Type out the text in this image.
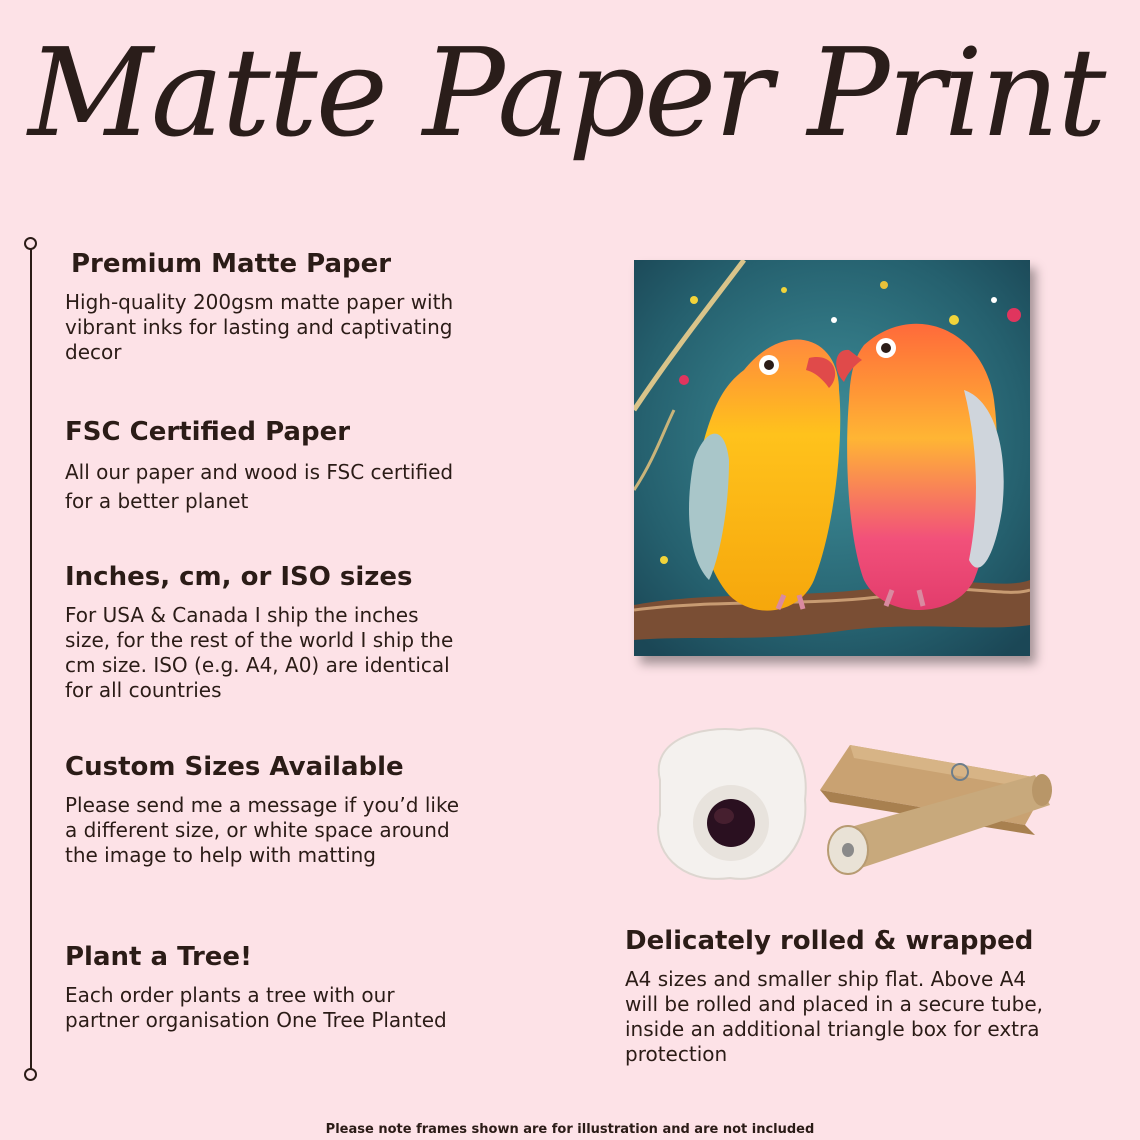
Matte Paper Print
Premium Matte Paper

High-quality 200gsm matte paper with vibrant inks for lasting and captivating decor

FSC Certified Paper

All our paper and wood is FSC certified for a better planet

Inches, cm, or ISO sizes

For USA & Canada I ship the inches size, for the rest of the world I ship the cm size. ISO (e.g. A4, A0) are identical for all countries

Custom Sizes Available

Please send me a message if you’d like a different size, or white space around the image to help with matting

Plant a Tree!

Each order plants a tree with our partner organisation One Tree Planted

Delicately rolled & wrapped

A4 sizes and smaller ship flat. Above A4 will be rolled and placed in a secure tube, inside an additional triangle box for extra protection

Please note frames shown are for illustration and are not included
